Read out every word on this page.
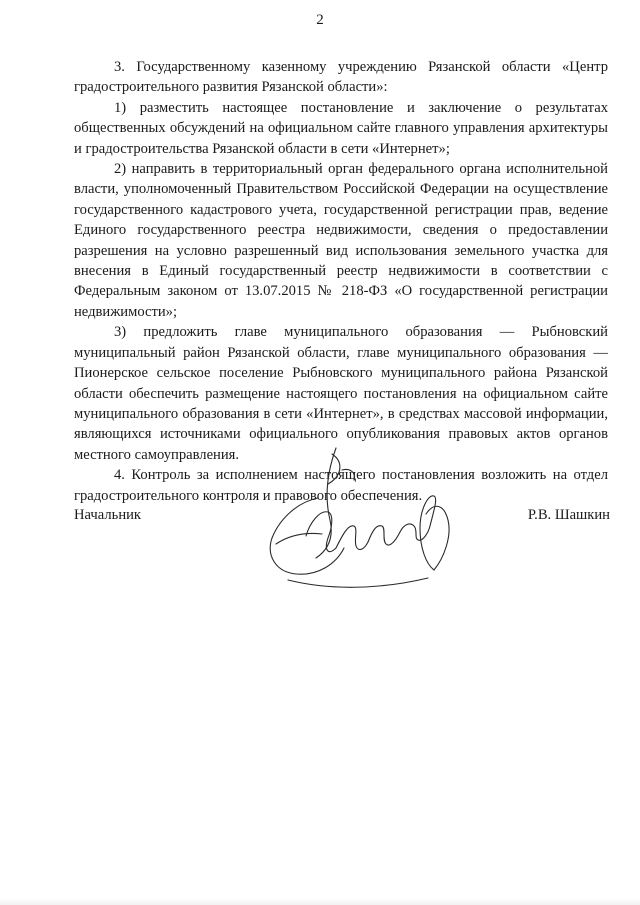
2

3. Государственному казенному учреждению Рязанской области «Центр градостроительного развития Рязанской области»:

1) разместить настоящее постановление и заключение о результатах общественных обсуждений на официальном сайте главного управления архитектуры и градостроительства Рязанской области в сети «Интернет»;

2) направить в территориальный орган федерального органа исполнительной власти, уполномоченный Правительством Российской Федерации на осуществление государственного кадастрового учета, государственной регистрации прав, ведение Единого государственного реестра недвижимости, сведения о предоставлении разрешения на условно разрешенный вид использования земельного участка для внесения в Единый государственный реестр недвижимости в соответствии с Федеральным законом от 13.07.2015 № 218-ФЗ «О государственной регистрации недвижимости»;

3) предложить главе муниципального образования — Рыбновский муниципальный район Рязанской области, главе муниципального образования — Пионерское сельское поселение Рыбновского муниципального района Рязанской области обеспечить размещение настоящего постановления на официальном сайте муниципального образования в сети «Интернет», в средствах массовой информации, являющихся источниками официального опубликования правовых актов органов местного самоуправления.

4. Контроль за исполнением настоящего постановления возложить на отдел градостроительного контроля и правового обеспечения.

Начальник	Р.В. Шашкин
